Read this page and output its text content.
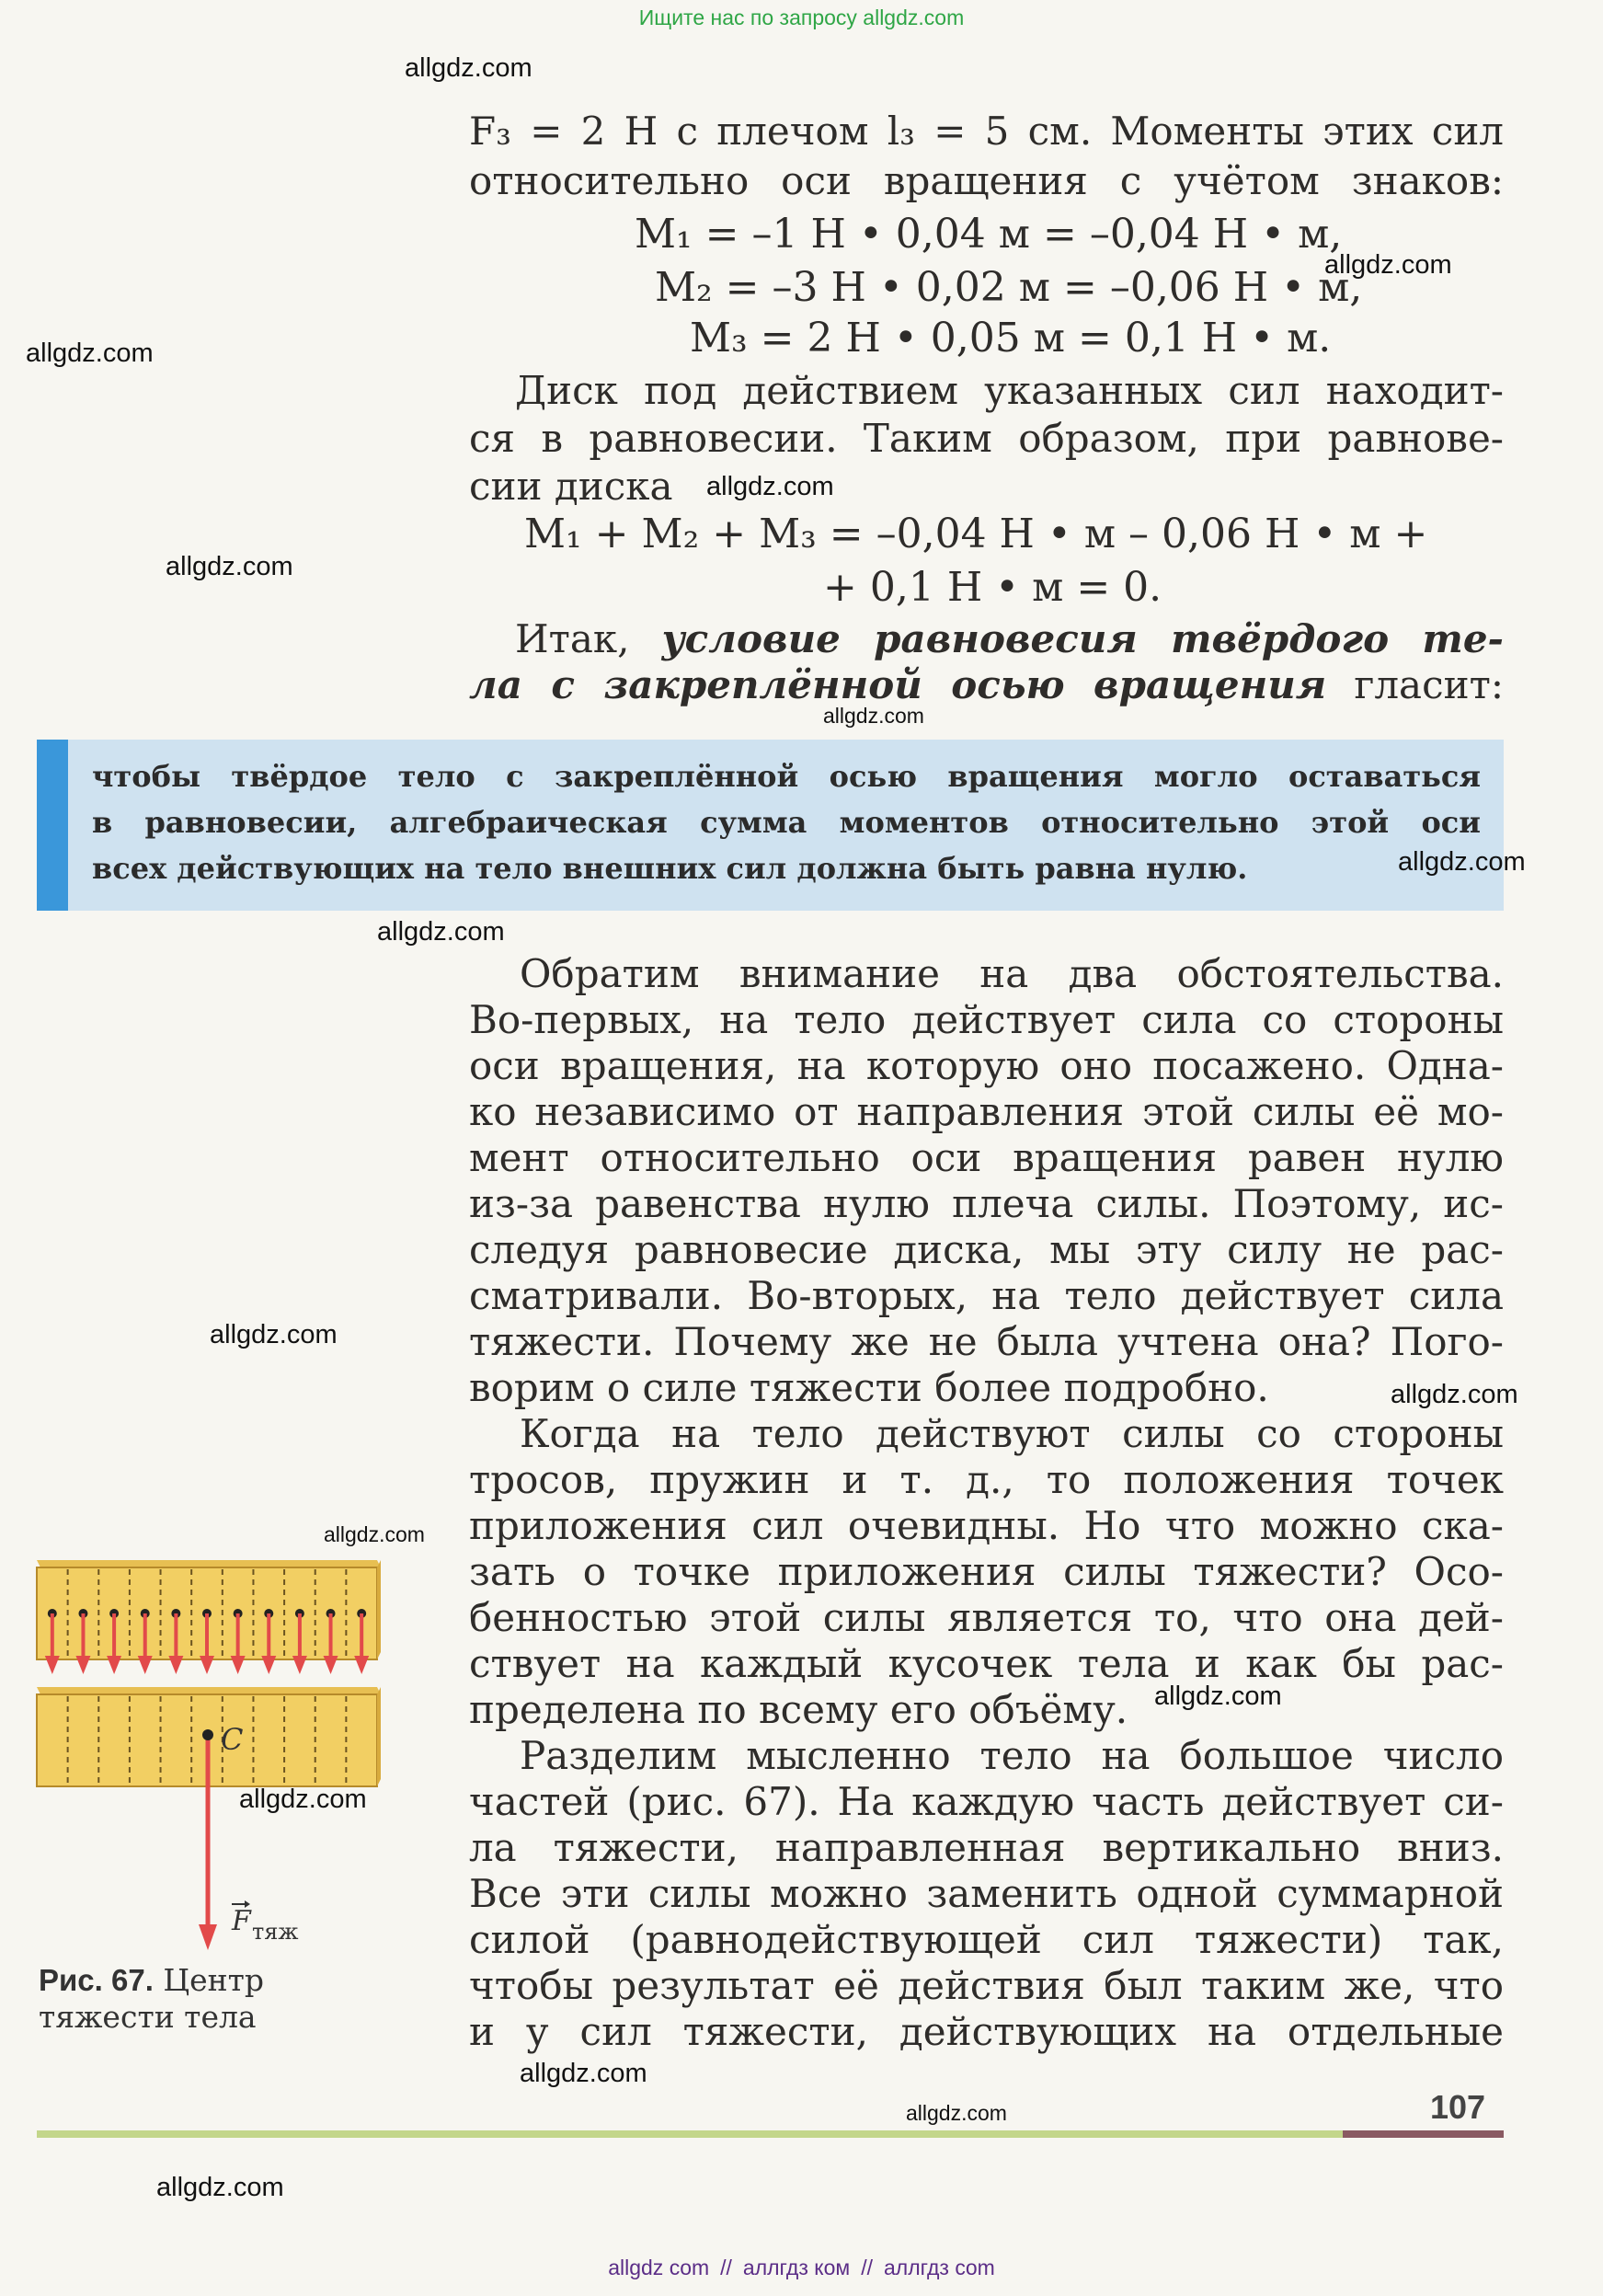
Ищите нас по запросу allgdz.com
F₃ = 2 Н с плечом l₃ = 5 см. Моменты этих сил
относительно оси вращения с учётом знаков:
M₁ = –1 Н • 0,04 м = –0,04 Н • м,
M₂ = –3 Н • 0,02 м = –0,06 Н • м,
M₃ = 2 Н • 0,05 м = 0,1 Н • м.
Диск под действием указанных сил находит-
ся в равновесии. Таким образом, при равнове-
сии диска
M₁ + M₂ + M₃ = –0,04 Н • м – 0,06 Н • м +
+ 0,1 Н • м = 0.
Итак, условие равновесия твёрдого те-
ла с закреплённой осью вращения гласит:
чтобы твёрдое тело с закреплённой осью вращения могло оставаться
в равновесии, алгебраическая сумма моментов относительно этой оси
всех действующих на тело внешних сил должна быть равна нулю.
Обратим внимание на два обстоятельства.
Во-первых, на тело действует сила со стороны
оси вращения, на которую оно посажено. Одна-
ко независимо от направления этой силы её мо-
мент относительно оси вращения равен нулю
из-за равенства нулю плеча силы. Поэтому, ис-
следуя равновесие диска, мы эту силу не рас-
сматривали. Во-вторых, на тело действует сила
тяжести. Почему же не была учтена она? Пого-
ворим о силе тяжести более подробно.
Когда на тело действуют силы со стороны
тросов, пружин и т. д., то положения точек
приложения сил очевидны. Но что можно ска-
зать о точке приложения силы тяжести? Осо-
бенностью этой силы является то, что она дей-
ствует на каждый кусочек тела и как бы рас-
пределена по всему его объёму.
Разделим мысленно тело на большое число
частей (рис. 67). На каждую часть действует си-
ла тяжести, направленная вертикально вниз.
Все эти силы можно заменить одной суммарной
силой (равнодействующей сил тяжести) так,
чтобы результат её действия был таким же, что
и у сил тяжести, действующих на отдельные
C
F тяж
Рис. 67. Центр
тяжести тела
107
allgdz com // аллгдз ком // аллгдз com
allgdz.com
allgdz.com
allgdz.com
allgdz.com
allgdz.com
allgdz.com
allgdz.com
allgdz.com
allgdz.com
allgdz.com
allgdz.com
allgdz.com
allgdz.com
allgdz.com
allgdz.com
allgdz.com
